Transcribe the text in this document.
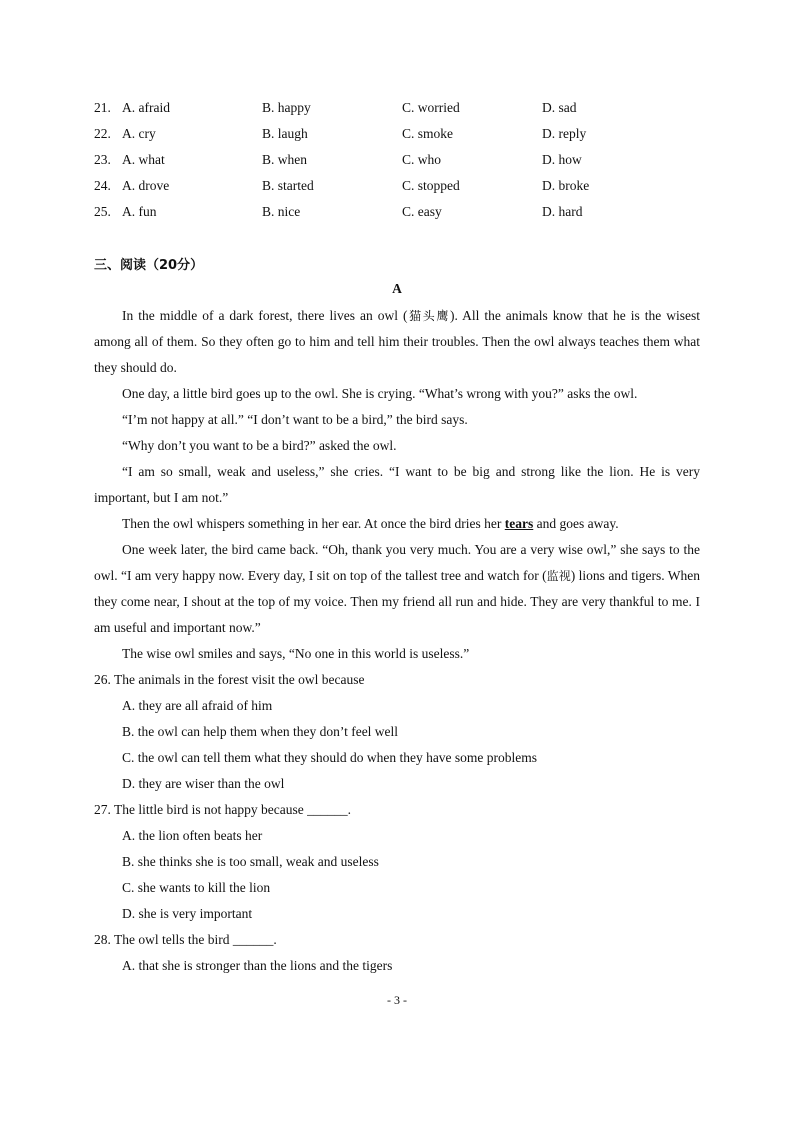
21. A. afraid	B. happy	C. worried	D. sad
22. A. cry	B. laugh	C. smoke	D. reply
23. A. what	B. when	C. who	D. how
24. A. drove	B. started	C. stopped	D. broke
25. A. fun	B. nice	C. easy	D. hard
三、阅读（20分）
A

In the middle of a dark forest, there lives an owl (猫头鹰). All the animals know that he is the wisest among all of them. So they often go to him and tell him their troubles. Then the owl always teaches them what they should do.

One day, a little bird goes up to the owl. She is crying. “What’s wrong with you?” asks the owl.

“I’m not happy at all.” “I don’t want to be a bird,” the bird says.

“Why don’t you want to be a bird?” asked the owl.

“I am so small, weak and useless,” she cries. “I want to be big and strong like the lion. He is very important, but I am not.”

Then the owl whispers something in her ear. At once the bird dries her tears and goes away.

One week later, the bird came back. “Oh, thank you very much. You are a very wise owl,” she says to the owl. “I am very happy now. Every day, I sit on top of the tallest tree and watch for (监视) lions and tigers. When they come near, I shout at the top of my voice. Then my friend all run and hide. They are very thankful to me. I am useful and important now.”

The wise owl smiles and says, “No one in this world is useless.”

26. The animals in the forest visit the owl because

A. they are all afraid of him

B. the owl can help them when they don’t feel well

C. the owl can tell them what they should do when they have some problems

D. they are wiser than the owl

27. The little bird is not happy because ______.

A. the lion often beats her

B. she thinks she is too small, weak and useless

C. she wants to kill the lion

D. she is very important

28. The owl tells the bird ______.

A. that she is stronger than the lions and the tigers

- 3 -
